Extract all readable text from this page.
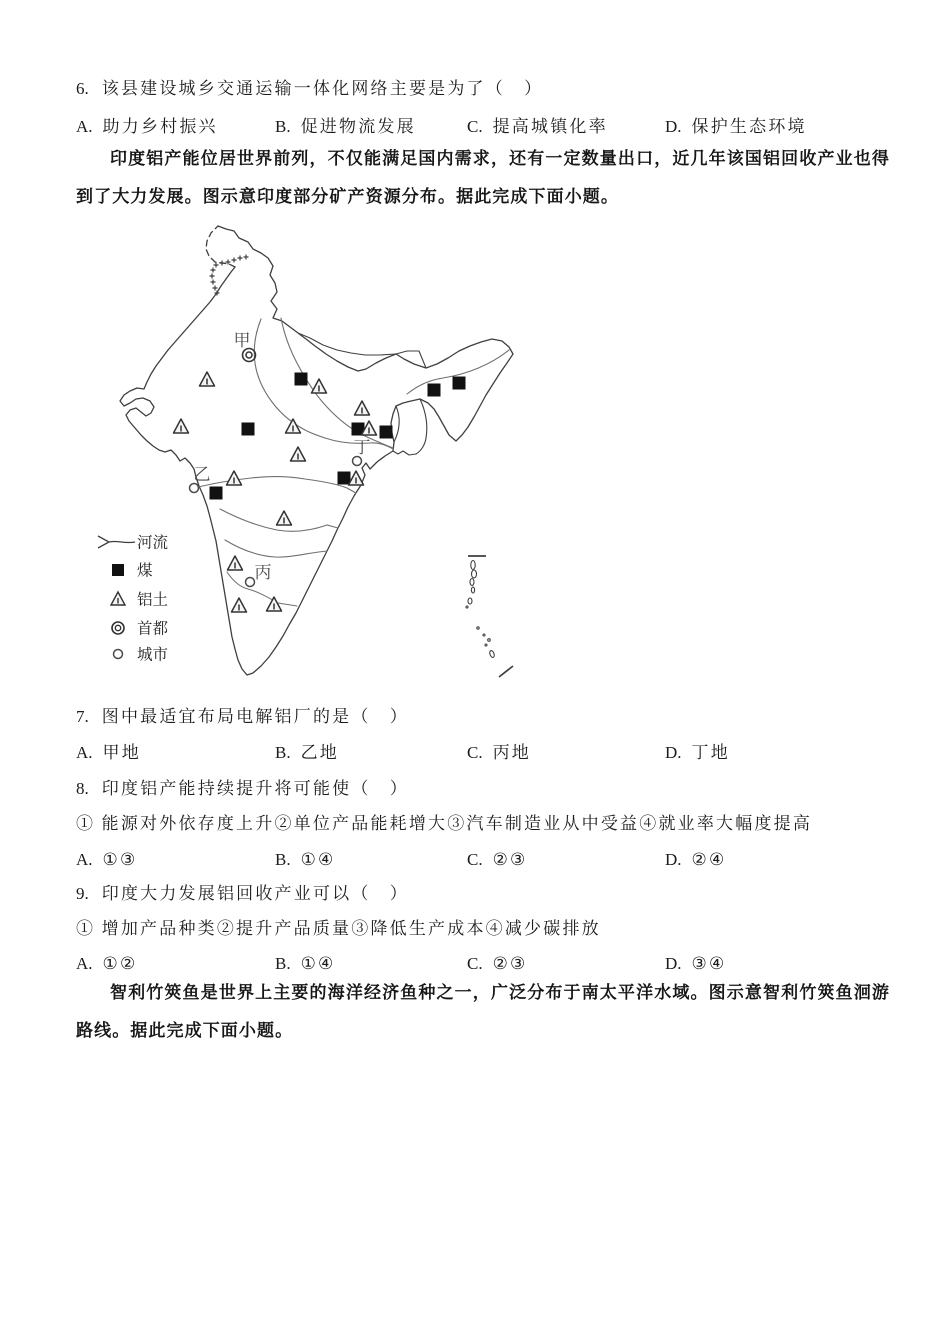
6. 该县建设城乡交通运输一体化网络主要是为了（　）
A. 助力乡村振兴	B. 促进物流发展	C. 提高城镇化率	D. 保护生态环境
印度铝产能位居世界前列，不仅能满足国内需求，还有一定数量出口，近几年该国铝回收产业也得到了大力发展。图示意印度部分矿产资源分布。据此完成下面小题。
甲
乙
丙
丁
河流
煤
铝土
首都
城市
7. 图中最适宜布局电解铝厂的是（　）
A. 甲地	B. 乙地	C. 丙地	D. 丁地
8. 印度铝产能持续提升将可能使（　）
① 能源对外依存度上升②单位产品能耗增大③汽车制造业从中受益④就业率大幅度提高
A. ①③	B. ①④	C. ②③	D. ②④
9. 印度大力发展铝回收产业可以（　）
① 增加产品种类②提升产品质量③降低生产成本④减少碳排放
A. ①②	B. ①④	C. ②③	D. ③④
智利竹筴鱼是世界上主要的海洋经济鱼种之一，广泛分布于南太平洋水域。图示意智利竹筴鱼洄游路线。据此完成下面小题。
